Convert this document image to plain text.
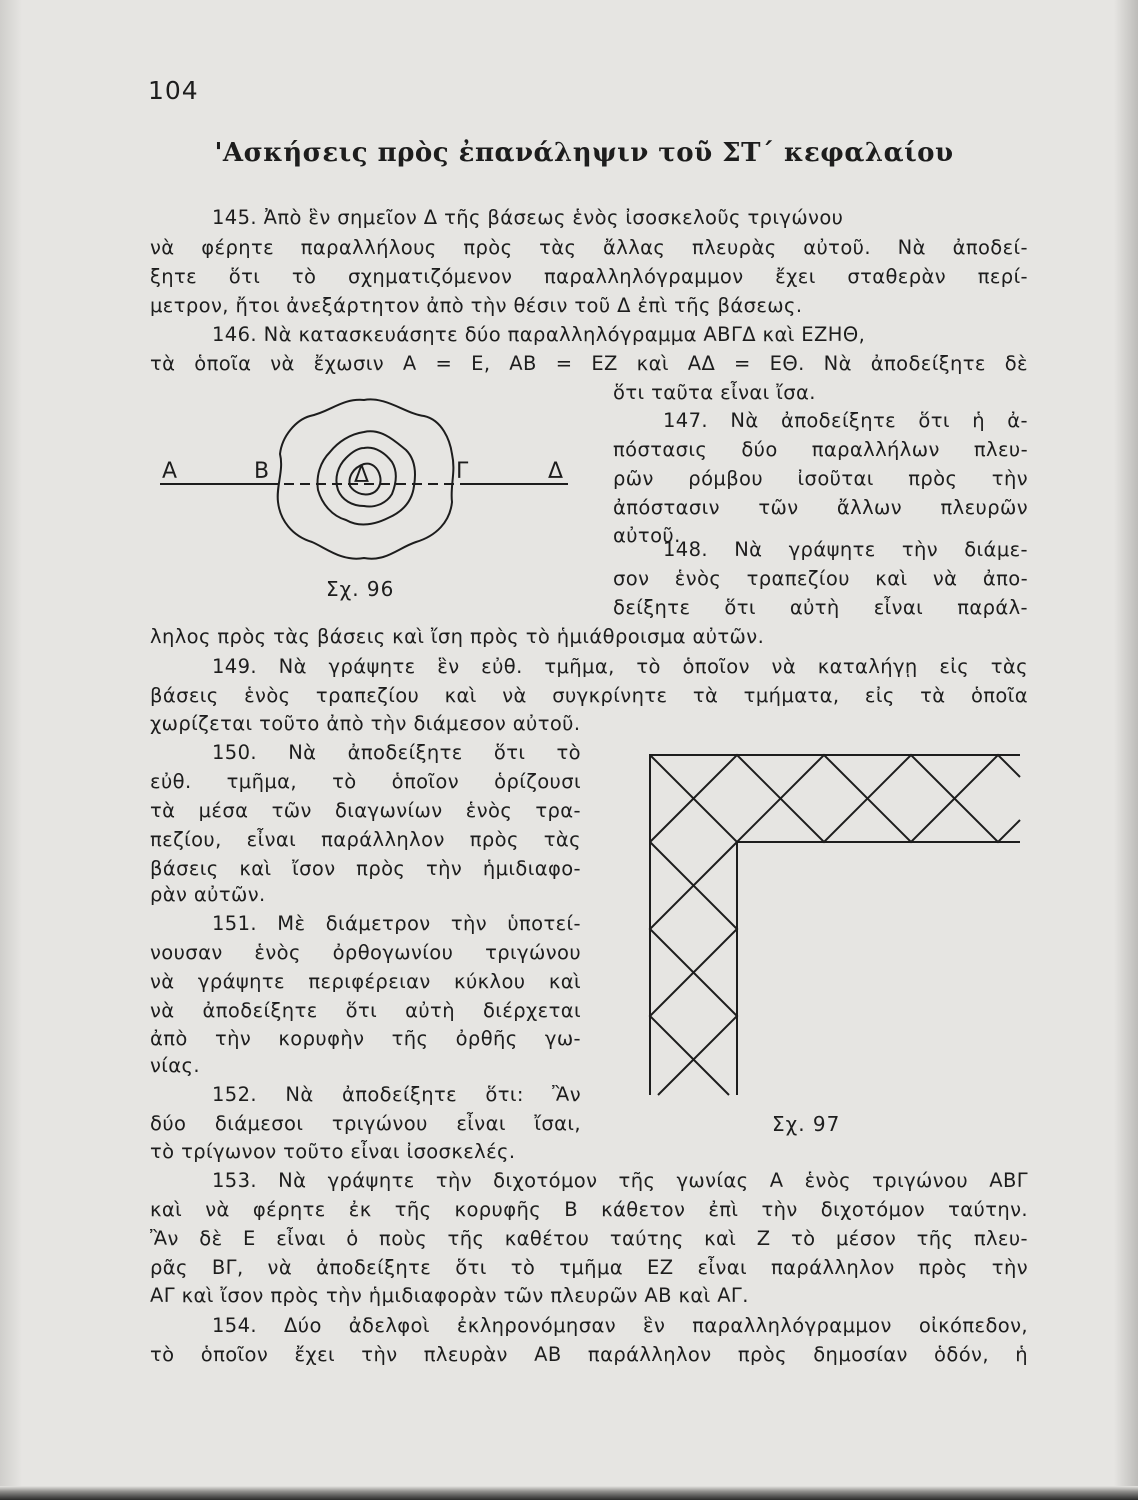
104
'Ασκήσεις πρὸς ἐπανάληψιν τοῦ ΣΤ΄ κεφαλαίου
145. Ἀπὸ ἓν σημεῖον Δ τῆς βάσεως ἑνὸς ἰσοσκελοῦς τριγώνου
νὰ φέρητε παραλλήλους πρὸς τὰς ἄλλας πλευρὰς αὐτοῦ. Νὰ ἀποδεί-
ξητε ὅτι τὸ σχηματιζόμενον παραλληλόγραμμον ἔχει σταθερὰν περί-
μετρον, ἤτοι ἀνεξάρτητον ἀπὸ τὴν θέσιν τοῦ Δ ἐπὶ τῆς βάσεως.
146. Νὰ κατασκευάσητε δύο παραλληλόγραμμα ΑΒΓΔ καὶ ΕΖΗΘ,
τὰ ὁποῖα νὰ ἔχωσιν Α = Ε, ΑΒ = ΕΖ καὶ ΑΔ = ΕΘ. Νὰ ἀποδείξητε δὲ
ὅτι ταῦτα εἶναι ἴσα.
147. Νὰ ἀποδείξητε ὅτι ἡ ἀ-
πόστασις δύο παραλλήλων πλευ-
ρῶν ρόμβου ἰσοῦται πρὸς τὴν
ἀπόστασιν τῶν ἄλλων πλευρῶν
αὐτοῦ.
148. Νὰ γράψητε τὴν διάμε-
σον ἑνὸς τραπεζίου καὶ νὰ ἀπο-
δείξητε ὅτι αὐτὴ εἶναι παράλ-
ληλος πρὸς τὰς βάσεις καὶ ἴση πρὸς τὸ ἡμιάθροισμα αὐτῶν.
149. Νὰ γράψητε ἓν εὐθ. τμῆμα, τὸ ὁποῖον νὰ καταλήγῃ εἰς τὰς
βάσεις ἑνὸς τραπεζίου καὶ νὰ συγκρίνητε τὰ τμήματα, εἰς τὰ ὁποῖα
χωρίζεται τοῦτο ἀπὸ τὴν διάμεσον αὐτοῦ.
150. Νὰ ἀποδείξητε ὅτι τὸ
εὐθ. τμῆμα, τὸ ὁποῖον ὁρίζουσι
τὰ μέσα τῶν διαγωνίων ἑνὸς τρα-
πεζίου, εἶναι παράλληλον πρὸς τὰς
βάσεις καὶ ἴσον πρὸς τὴν ἡμιδιαφο-
ρὰν αὐτῶν.
151. Μὲ διάμετρον τὴν ὑποτεί-
νουσαν ἑνὸς ὀρθογωνίου τριγώνου
νὰ γράψητε περιφέρειαν κύκλου καὶ
νὰ ἀποδείξητε ὅτι αὐτὴ διέρχεται
ἀπὸ τὴν κορυφὴν τῆς ὀρθῆς γω-
νίας.
152. Νὰ ἀποδείξητε ὅτι: Ἂν
δύο διάμεσοι τριγώνου εἶναι ἴσαι,
τὸ τρίγωνον τοῦτο εἶναι ἰσοσκελές.
153. Νὰ γράψητε τὴν διχοτόμον τῆς γωνίας Α ἑνὸς τριγώνου ΑΒΓ
καὶ νὰ φέρητε ἐκ τῆς κορυφῆς Β κάθετον ἐπὶ τὴν διχοτόμον ταύτην.
Ἂν δὲ Ε εἶναι ὁ ποὺς τῆς καθέτου ταύτης καὶ Ζ τὸ μέσον τῆς πλευ-
ρᾶς ΒΓ, νὰ ἀποδείξητε ὅτι τὸ τμῆμα ΕΖ εἶναι παράλληλον πρὸς τὴν
ΑΓ καὶ ἴσον πρὸς τὴν ἡμιδιαφορὰν τῶν πλευρῶν ΑΒ καὶ ΑΓ.
154. Δύο ἀδελφοὶ ἐκληρονόμησαν ἓν παραλληλόγραμμον οἰκόπεδον,
τὸ ὁποῖον ἔχει τὴν πλευρὰν ΑΒ παράλληλον πρὸς δημοσίαν ὁδόν, ἡ
Α	Β	Δ	Γ	Δ
Σχ. 96
Σχ. 97
